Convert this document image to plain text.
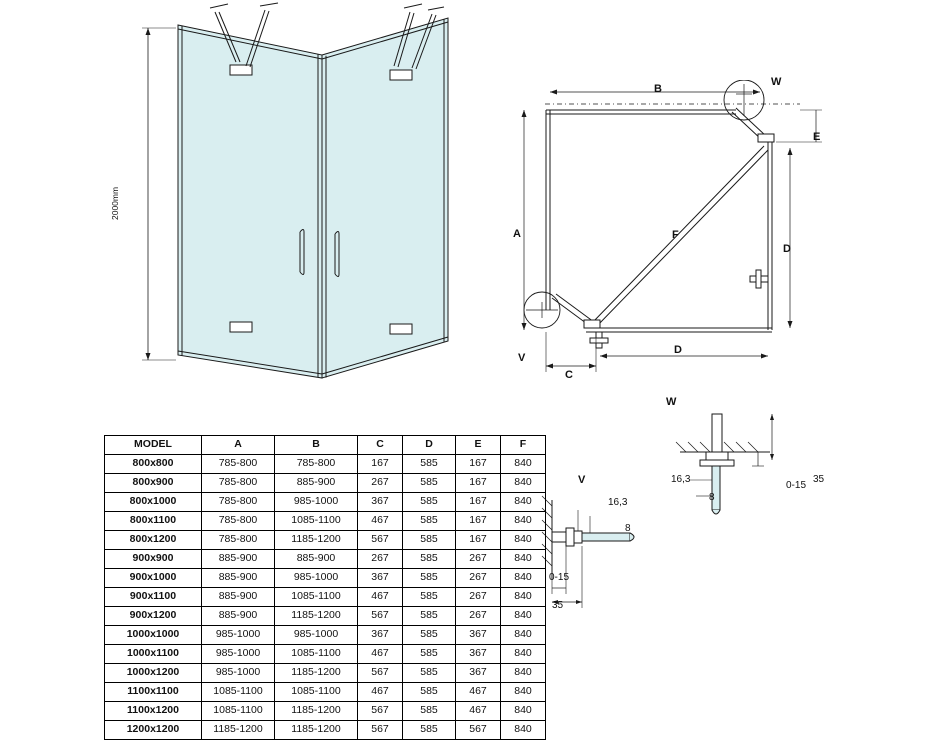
2000mm
A
B
C
D
D
E
F
W
V
W
16,3
8
0-15
35
V
16,3
8
0-15
35
MODEL	A	B	C	D	E	F
800x800	785-800	785-800	167	585	167	840
800x900	785-800	885-900	267	585	167	840
800x1000	785-800	985-1000	367	585	167	840
800x1100	785-800	1085-1100	467	585	167	840
800x1200	785-800	1185-1200	567	585	167	840
900x900	885-900	885-900	267	585	267	840
900x1000	885-900	985-1000	367	585	267	840
900x1100	885-900	1085-1100	467	585	267	840
900x1200	885-900	1185-1200	567	585	267	840
1000x1000	985-1000	985-1000	367	585	367	840
1000x1100	985-1000	1085-1100	467	585	367	840
1000x1200	985-1000	1185-1200	567	585	367	840
1100x1100	1085-1100	1085-1100	467	585	467	840
1100x1200	1085-1100	1185-1200	567	585	467	840
1200x1200	1185-1200	1185-1200	567	585	567	840
